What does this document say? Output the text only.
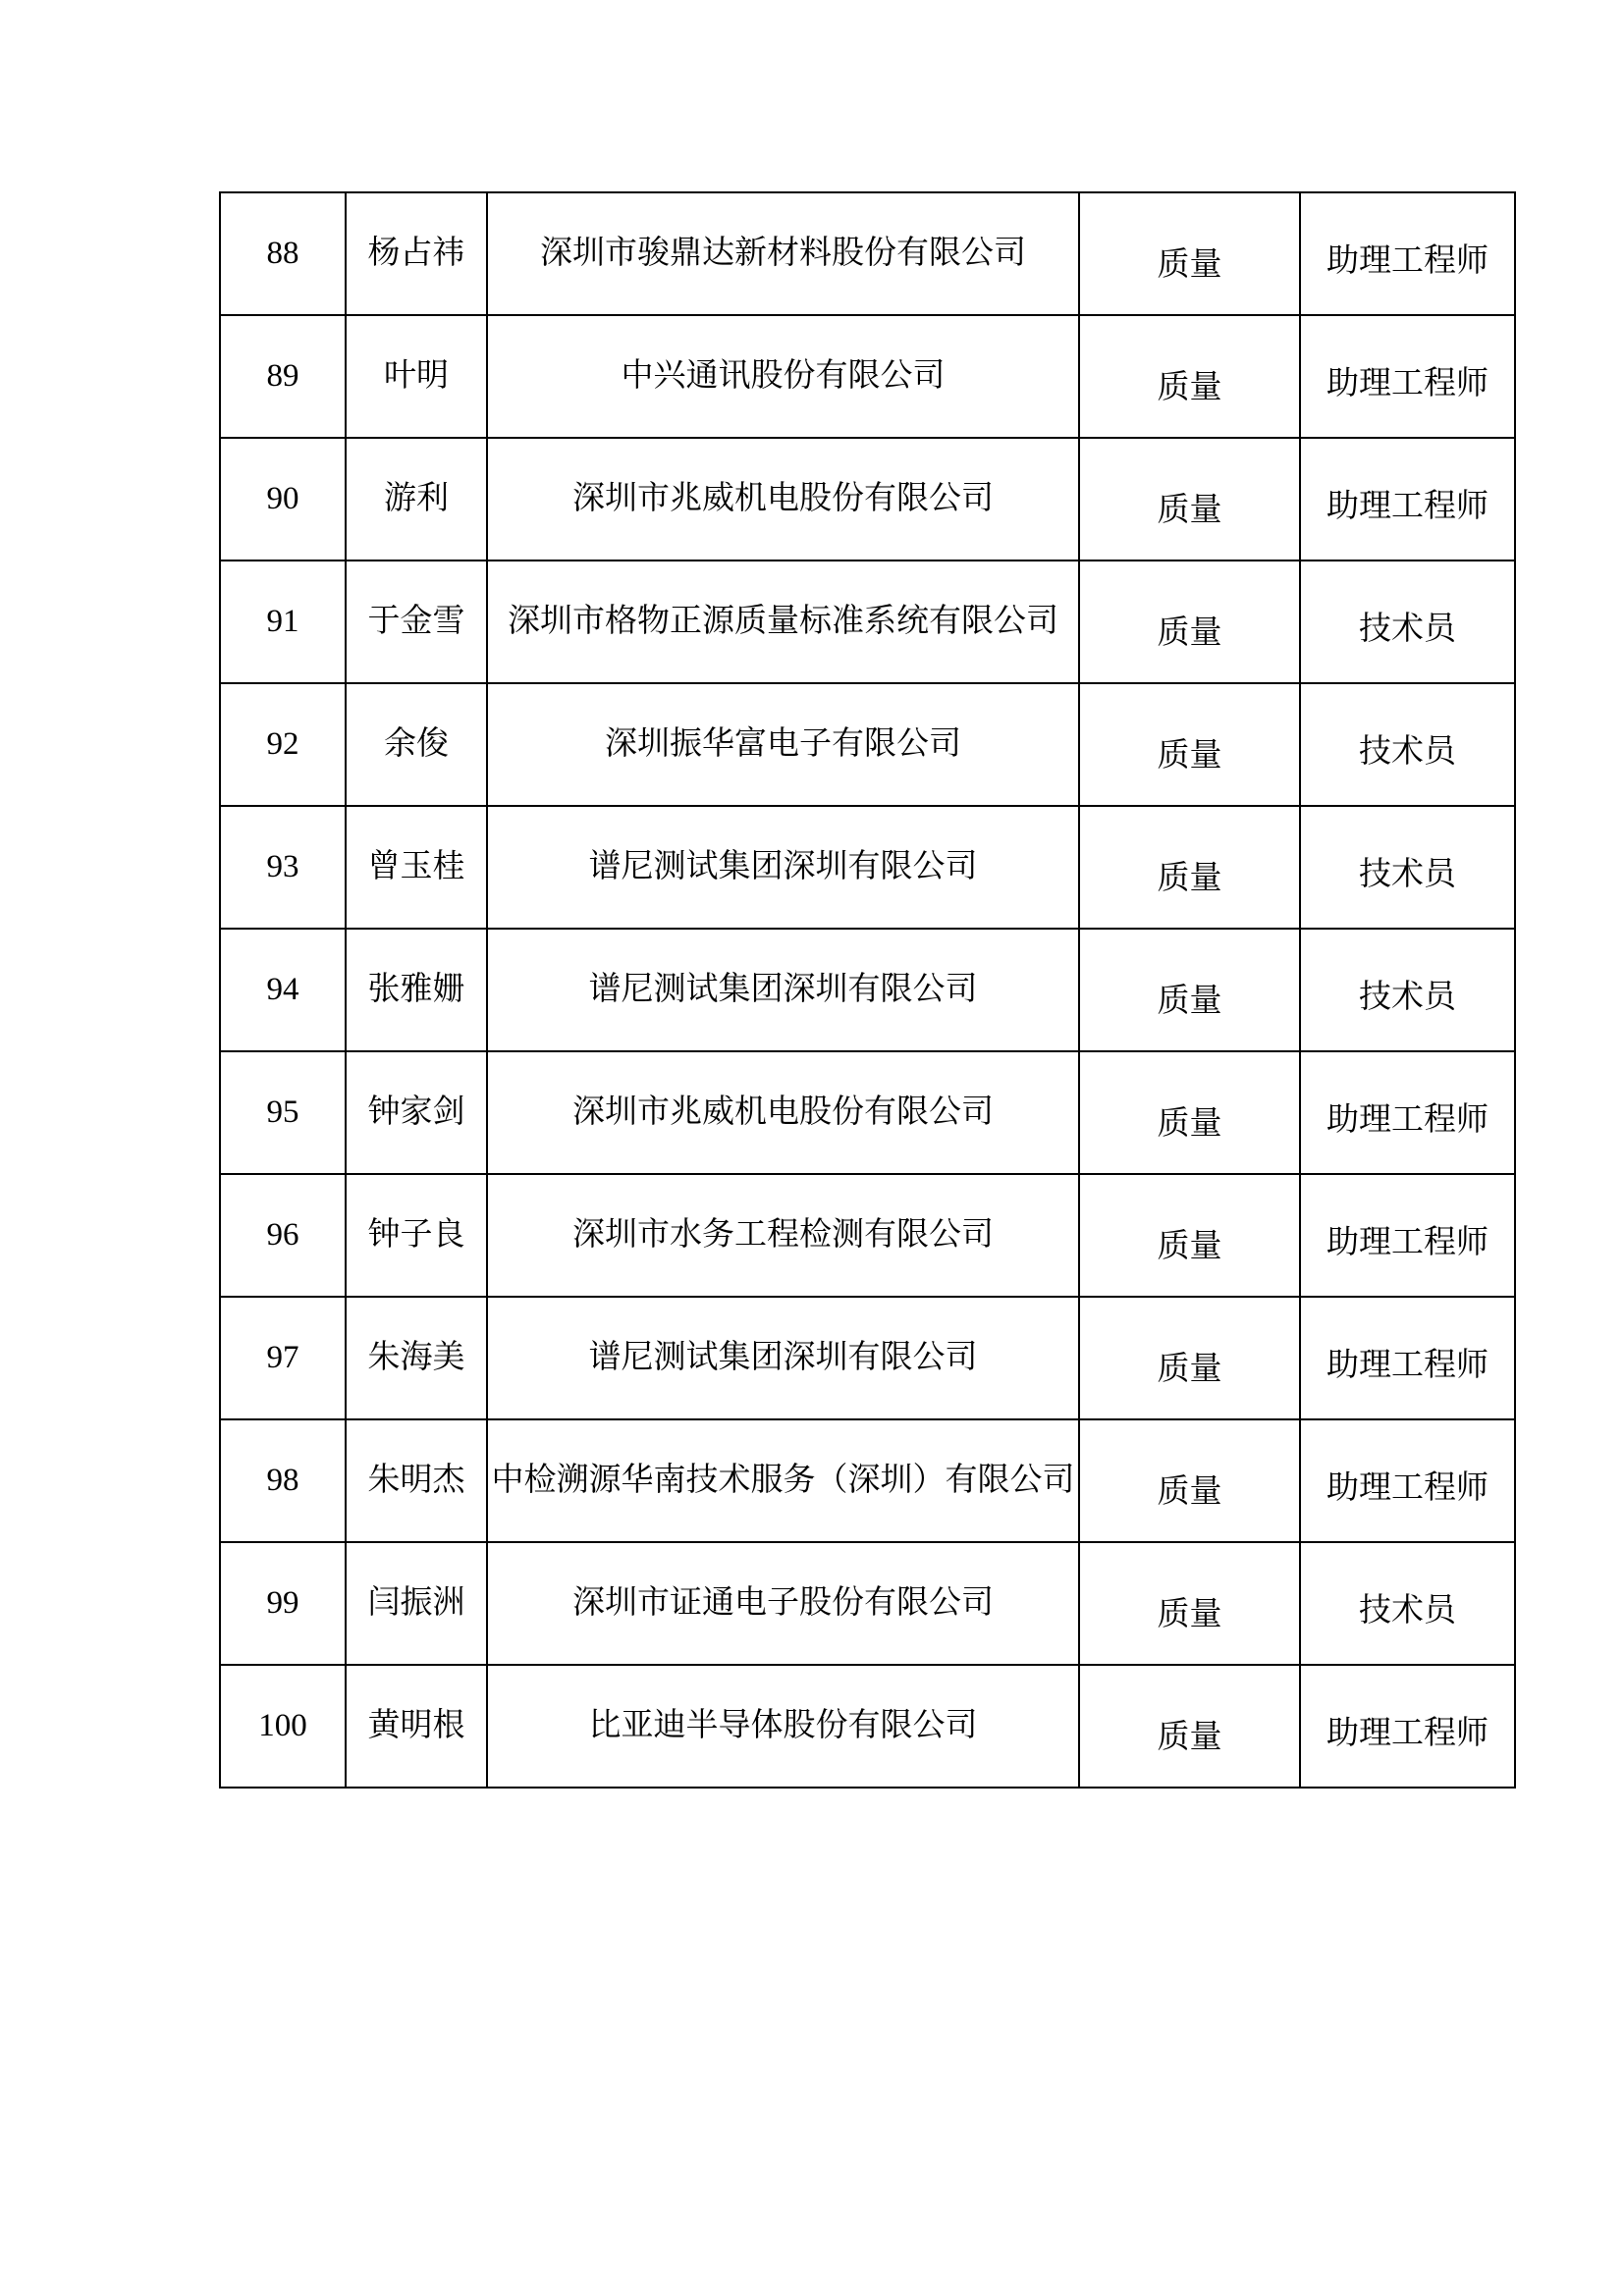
88	杨占祎	深圳市骏鼎达新材料股份有限公司	质量	助理工程师
89	叶明	中兴通讯股份有限公司	质量	助理工程师
90	游利	深圳市兆威机电股份有限公司	质量	助理工程师
91	于金雪	深圳市格物正源质量标准系统有限公司	质量	技术员
92	余俊	深圳振华富电子有限公司	质量	技术员
93	曾玉桂	谱尼测试集团深圳有限公司	质量	技术员
94	张雅姗	谱尼测试集团深圳有限公司	质量	技术员
95	钟家剑	深圳市兆威机电股份有限公司	质量	助理工程师
96	钟子良	深圳市水务工程检测有限公司	质量	助理工程师
97	朱海美	谱尼测试集团深圳有限公司	质量	助理工程师
98	朱明杰	中检溯源华南技术服务（深圳）有限公司	质量	助理工程师
99	闫振洲	深圳市证通电子股份有限公司	质量	技术员
100	黄明根	比亚迪半导体股份有限公司	质量	助理工程师
